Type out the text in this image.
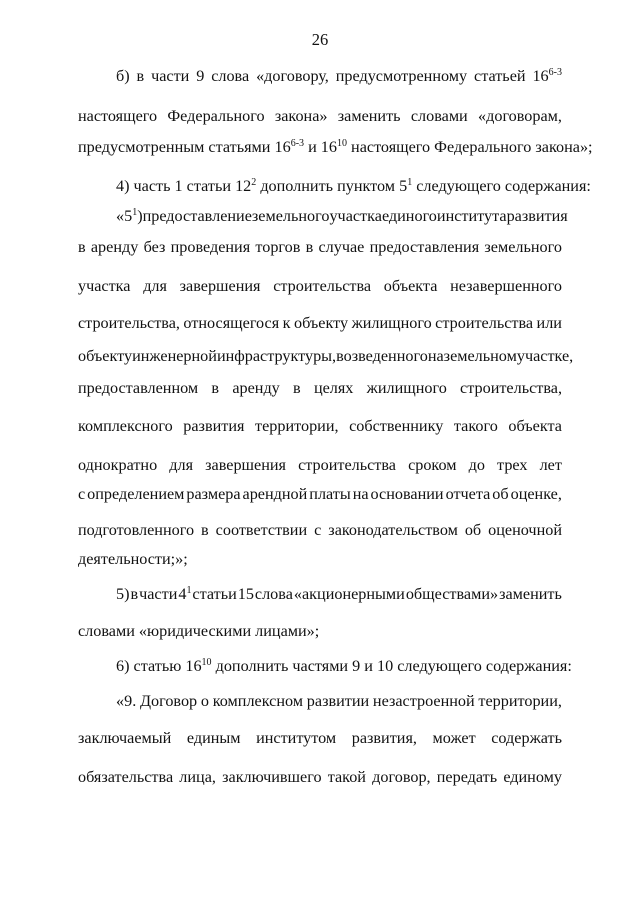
26
б) в части 9 слова «договору, предусмотренному статьей 16$^{6-3}$
настоящего Федерального закона» заменить словами «договорам,
предусмотренным статьями 16$^{6-3}$ и $16^{10}$ настоящего Федерального закона»;
4) часть 1 статьи $12^2$ дополнить пунктом $5^1$ следующего содержания:
«$5^1$) предоставление земельного участка единого института развития
в аренду без проведения торгов в случае предоставления земельного
участка для завершения строительства объекта незавершенного
строительства, относящегося к объекту жилищного строительства или
объекту инженерной инфраструктуры, возведенного на земельном участке,
предоставленном в аренду в целях жилищного строительства,
комплексного развития территории, собственнику такого объекта
однократно для завершения строительства сроком до трех лет
с определением размера арендной платы на основании отчета об оценке,
подготовленного в соответствии с законодательством об оценочной
деятельности;»;
5) в части $4^1$ статьи 15 слова «акционерными обществами» заменить
словами «юридическими лицами»;
6) статью $16^{10}$ дополнить частями 9 и 10 следующего содержания:
«9. Договор о комплексном развитии незастроенной территории,
заключаемый единым институтом развития, может содержать
обязательства лица, заключившего такой договор, передать единому
